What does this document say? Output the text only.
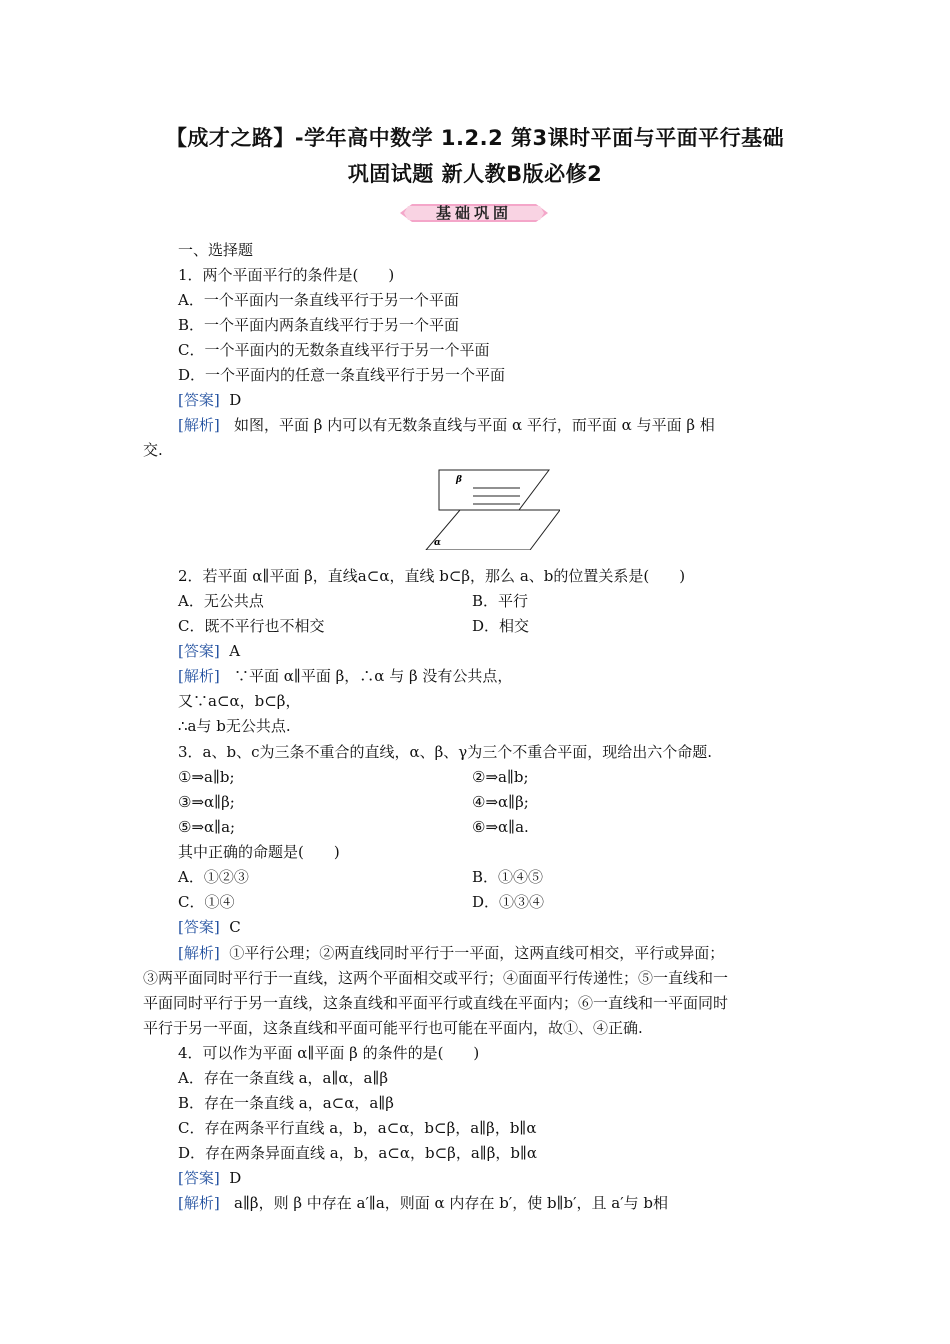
【成才之路】-学年高中数学 1.2.2 第3课时平面与平面平行基础
巩固试题 新人教B版必修2
基础巩固
一、选择题
1．两个平面平行的条件是(　　)
A．一个平面内一条直线平行于另一个平面
B．一个平面内两条直线平行于另一个平面
C．一个平面内的无数条直线平行于另一个平面
D．一个平面内的任意一条直线平行于另一个平面
[答案] D
[解析] 如图，平面 β 内可以有无数条直线与平面 α 平行，而平面 α 与平面 β 相
交.
β
α
2．若平面 α∥平面 β，直线a⊂α，直线 b⊂β，那么 a、b的位置关系是(　　)
A．无公共点	B．平行
C．既不平行也不相交	D．相交
[答案] A
[解析] ∵平面 α∥平面 β，∴α 与 β 没有公共点，
又∵a⊂α，b⊂β，
∴a与 b无公共点.
3．a、b、c为三条不重合的直线，α、β、γ为三个不重合平面，现给出六个命题.
①⇒a∥b;	②⇒a∥b;
③⇒α∥β;	④⇒α∥β;
⑤⇒α∥a;	⑥⇒α∥a.
其中正确的命题是(　　)
A．①②③	B．①④⑤
C．①④	D．①③④
[答案] C
[解析] ①平行公理；②两直线同时平行于一平面，这两直线可相交，平行或异面；
③两平面同时平行于一直线，这两个平面相交或平行；④面面平行传递性；⑤一直线和一
平面同时平行于另一直线，这条直线和平面平行或直线在平面内；⑥一直线和一平面同时
平行于另一平面，这条直线和平面可能平行也可能在平面内，故①、④正确.
4．可以作为平面 α∥平面 β 的条件的是(　　)
A．存在一条直线 a，a∥α，a∥β
B．存在一条直线 a，a⊂α，a∥β
C．存在两条平行直线 a，b，a⊂α，b⊂β，a∥β，b∥α
D．存在两条异面直线 a，b，a⊂α，b⊂β，a∥β，b∥α
[答案] D
[解析] a∥β，则 β 中存在 a′∥a，则面 α 内存在 b′，使 b∥b′，且 a′与 b相
